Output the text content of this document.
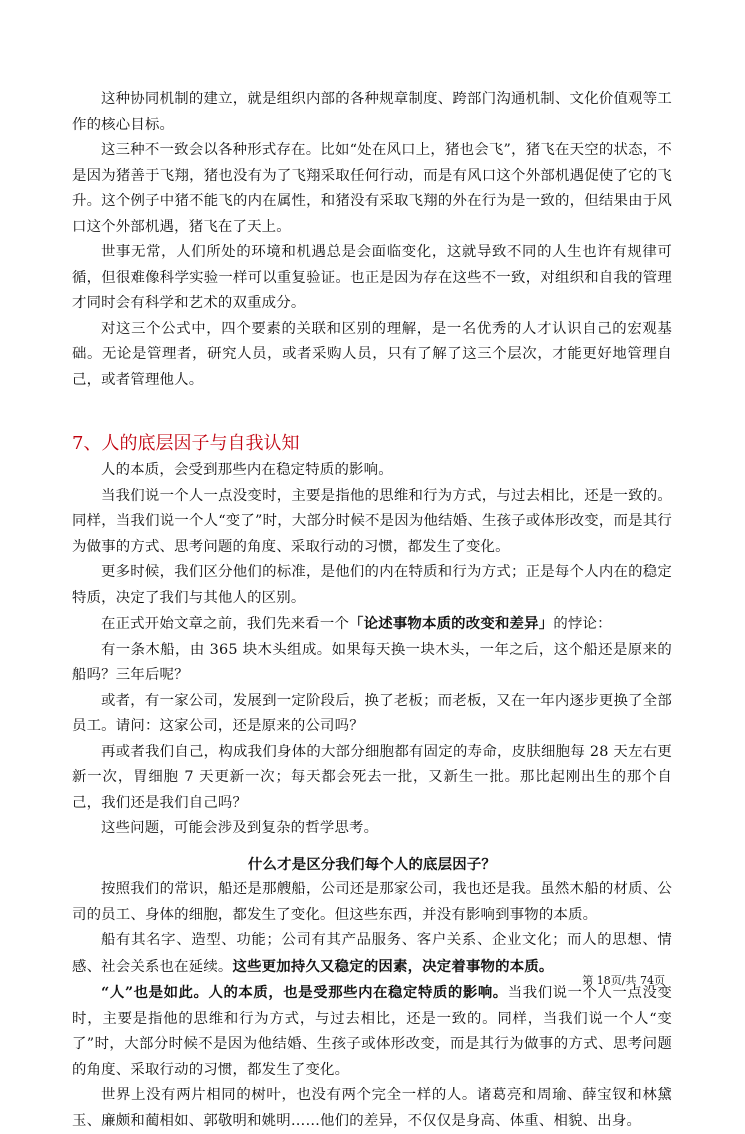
这种协同机制的建立，就是组织内部的各种规章制度、跨部门沟通机制、文化价值观等工作的核心目标。

这三种不一致会以各种形式存在。比如“处在风口上，猪也会飞”，猪飞在天空的状态，不是因为猪善于飞翔，猪也没有为了飞翔采取任何行动，而是有风口这个外部机遇促使了它的飞升。这个例子中猪不能飞的内在属性，和猪没有采取飞翔的外在行为是一致的，但结果由于风口这个外部机遇，猪飞在了天上。

世事无常，人们所处的环境和机遇总是会面临变化，这就导致不同的人生也许有规律可循，但很难像科学实验一样可以重复验证。也正是因为存在这些不一致，对组织和自我的管理才同时会有科学和艺术的双重成分。

对这三个公式中，四个要素的关联和区别的理解，是一名优秀的人才认识自己的宏观基础。无论是管理者，研究人员，或者采购人员，只有了解了这三个层次，才能更好地管理自己，或者管理他人。

7、人的底层因子与自我认知

人的本质，会受到那些内在稳定特质的影响。

当我们说一个人一点没变时，主要是指他的思维和行为方式，与过去相比，还是一致的。同样，当我们说一个人“变了”时，大部分时候不是因为他结婚、生孩子或体形改变，而是其行为做事的方式、思考问题的角度、采取行动的习惯，都发生了变化。

更多时候，我们区分他们的标准，是他们的内在特质和行为方式；正是每个人内在的稳定特质，决定了我们与其他人的区别。

在正式开始文章之前，我们先来看一个「论述事物本质的改变和差异」的悖论：

有一条木船，由 365 块木头组成。如果每天换一块木头，一年之后，这个船还是原来的船吗？三年后呢？

或者，有一家公司，发展到一定阶段后，换了老板；而老板，又在一年内逐步更换了全部员工。请问：这家公司，还是原来的公司吗？

再或者我们自己，构成我们身体的大部分细胞都有固定的寿命，皮肤细胞每 28 天左右更新一次，胃细胞 7 天更新一次；每天都会死去一批，又新生一批。那比起刚出生的那个自己，我们还是我们自己吗？

这些问题，可能会涉及到复杂的哲学思考。

什么才是区分我们每个人的底层因子？

按照我们的常识，船还是那艘船，公司还是那家公司，我也还是我。虽然木船的材质、公司的员工、身体的细胞，都发生了变化。但这些东西，并没有影响到事物的本质。

船有其名字、造型、功能；公司有其产品服务、客户关系、企业文化；而人的思想、情感、社会关系也在延续。这些更加持久又稳定的因素，决定着事物的本质。

“人”也是如此。人的本质，也是受那些内在稳定特质的影响。当我们说一个人一点没变时，主要是指他的思维和行为方式，与过去相比，还是一致的。同样，当我们说一个人“变了”时，大部分时候不是因为他结婚、生孩子或体形改变，而是其行为做事的方式、思考问题的角度、采取行动的习惯，都发生了变化。

世界上没有两片相同的树叶，也没有两个完全一样的人。诸葛亮和周瑜、薛宝钗和林黛玉、廉颇和蔺相如、郭敬明和姚明……他们的差异，不仅仅是身高、体重、相貌、出身。

第 18页/共 74页
